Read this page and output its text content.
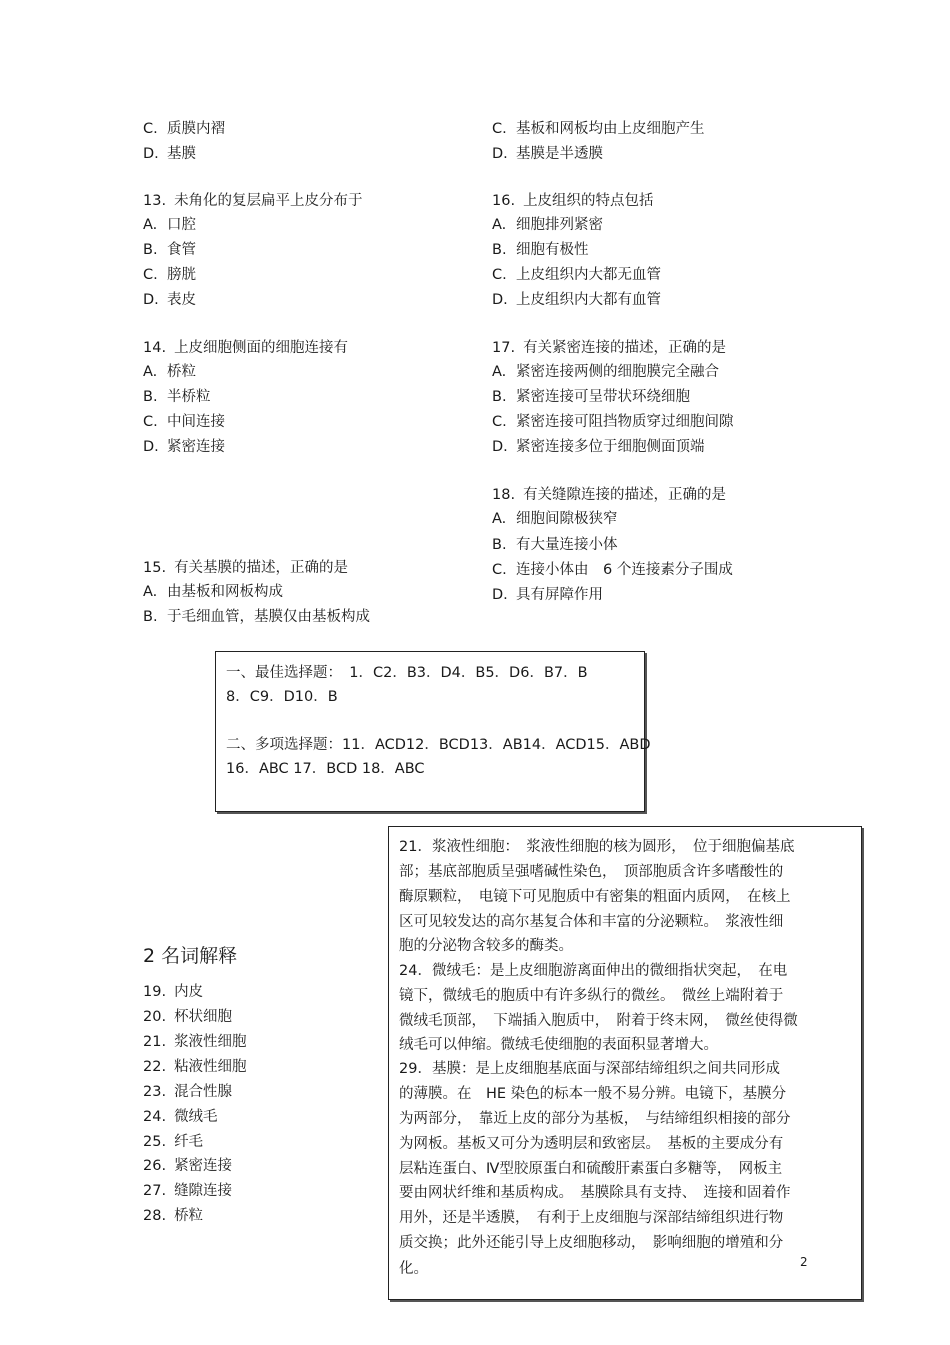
C. 质膜内褶
D. 基膜
C. 基板和网板均由上皮细胞产生
D. 基膜是半透膜
13. 未角化的复层扁平上皮分布于
A. 口腔
B. 食管
C. 膀胱
D. 表皮
16. 上皮组织的特点包括
A. 细胞排列紧密
B. 细胞有极性
C. 上皮组织内大都无血管
D. 上皮组织内大都有血管
14. 上皮细胞侧面的细胞连接有
A. 桥粒
B. 半桥粒
C. 中间连接
D. 紧密连接
17. 有关紧密连接的描述，正确的是
A. 紧密连接两侧的细胞膜完全融合
B. 紧密连接可呈带状环绕细胞
C. 紧密连接可阻挡物质穿过细胞间隙
D. 紧密连接多位于细胞侧面顶端
18. 有关缝隙连接的描述，正确的是
A. 细胞间隙极狭窄
B. 有大量连接小体
C. 连接小体由　6 个连接素分子围成
D. 具有屏障作用
15. 有关基膜的描述，正确的是
A. 由基板和网板构成
B. 于毛细血管，基膜仅由基板构成
一、最佳选择题：　1．C2．B3．D4．B5．D6．B7．B
8．C9．D10．B
二、多项选择题：11．ACD12．BCD13．AB14．ACD15．ABD
16．ABC 17．BCD 18．ABC
2 名词解释
19. 内皮
20. 杯状细胞
21. 浆液性细胞
22. 粘液性细胞
23. 混合性腺
24. 微绒毛
25. 纤毛
26. 紧密连接
27. 缝隙连接
28. 桥粒
21．浆液性细胞：　浆液性细胞的核为圆形，　位于细胞偏基底
部；基底部胞质呈强嗜碱性染色，　顶部胞质含许多嗜酸性的
酶原颗粒，　电镜下可见胞质中有密集的粗面内质网，　在核上
区可见较发达的高尔基复合体和丰富的分泌颗粒。　浆液性细
胞的分泌物含较多的酶类。
24．微绒毛：是上皮细胞游离面伸出的微细指状突起，　在电
镜下，微绒毛的胞质中有许多纵行的微丝。　微丝上端附着于
微绒毛顶部，　下端插入胞质中，　附着于终末网，　微丝使得微
绒毛可以伸缩。微绒毛使细胞的表面积显著增大。
29．基膜：是上皮细胞基底面与深部结缔组织之间共同形成
的薄膜。在　HE 染色的标本一般不易分辨。电镜下，基膜分
为两部分，　靠近上皮的部分为基板，　与结缔组织相接的部分
为网板。基板又可分为透明层和致密层。　基板的主要成分有
层粘连蛋白、Ⅳ型胶原蛋白和硫酸肝素蛋白多糖等，　网板主
要由网状纤维和基质构成。　基膜除具有支持、　连接和固着作
用外，还是半透膜，　有利于上皮细胞与深部结缔组织进行物
质交换；此外还能引导上皮细胞移动，　影响细胞的增殖和分
化。	2
